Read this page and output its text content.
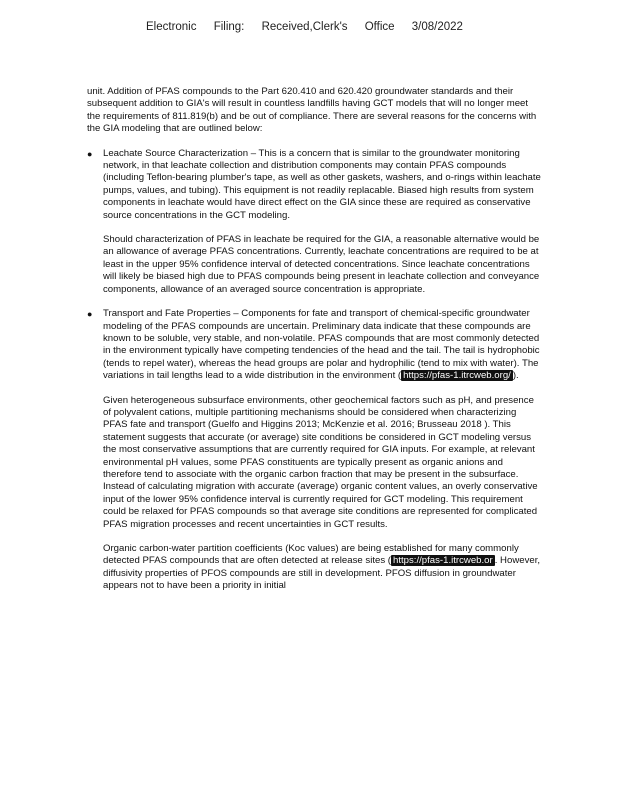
Electronic Filing: Received,Clerk's Office 3/08/2022

unit. Addition of PFAS compounds to the Part 620.410 and 620.420 groundwater standards and their subsequent addition to GIA's will result in countless landfills having GCT models that will no longer meet the requirements of 811.819(b) and be out of compliance. There are several reasons for the concerns with the GIA modeling that are outlined below:

● Leachate Source Characterization – This is a concern that is similar to the groundwater monitoring network, in that leachate collection and distribution components may contain PFAS compounds (including Teflon-bearing plumber's tape, as well as other gaskets, washers, and o-rings within leachate pumps, values, and tubing). This equipment is not readily replacable. Biased high results from system components in leachate would have direct effect on the GIA since these are required as conservative source concentrations in the GCT modeling.

Should characterization of PFAS in leachate be required for the GIA, a reasonable alternative would be an allowance of average PFAS concentrations. Currently, leachate concentrations are required to be at least in the upper 95% confidence interval of detected concentrations. Since leachate concentrations will likely be biased high due to PFAS compounds being present in leachate collection and conveyance components, allowance of an averaged source concentration is appropriate.

● Transport and Fate Properties – Components for fate and transport of chemical-specific groundwater modeling of the PFAS compounds are uncertain. Preliminary data indicate that these compounds are known to be soluble, very stable, and non-volatile. PFAS compounds that are most commonly detected in the environment typically have competing tendencies of the head and the tail. The tail is hydrophobic (tends to repel water), whereas the head groups are polar and hydrophilic (tend to mix with water). The variations in tail lengths lead to a wide distribution in the environment ( https://pfas-1.itrcweb.org/ ).

Given heterogeneous subsurface environments, other geochemical factors such as pH, and presence of polyvalent cations, multiple partitioning mechanisms should be considered when characterizing PFAS fate and transport (Guelfo and Higgins 2013; McKenzie et al. 2016; Brusseau 2018 ). This statement suggests that accurate (or average) site conditions be considered in GCT modeling versus the most conservative assumptions that are currently required for GIA inputs. For example, at relevant environmental pH values, some PFAS constituents are typically present as organic anions and therefore tend to associate with the organic carbon fraction that may be present in the subsurface. Instead of calculating migration with accurate (average) organic content values, an overly conservative input of the lower 95% confidence interval is currently required for GCT modeling. This requirement could be relaxed for PFAS compounds so that average site conditions are represented for complicated PFAS migration processes and recent uncertainties in GCT results.

Organic carbon-water partition coefficients (Koc values) are being established for many commonly detected PFAS compounds that are often detected at release sites ( https://pfas-1.itrcweb.or . However, diffusivity properties of PFOS compounds are still in development. PFOS diffusion in groundwater appears not to have been a priority in initial
